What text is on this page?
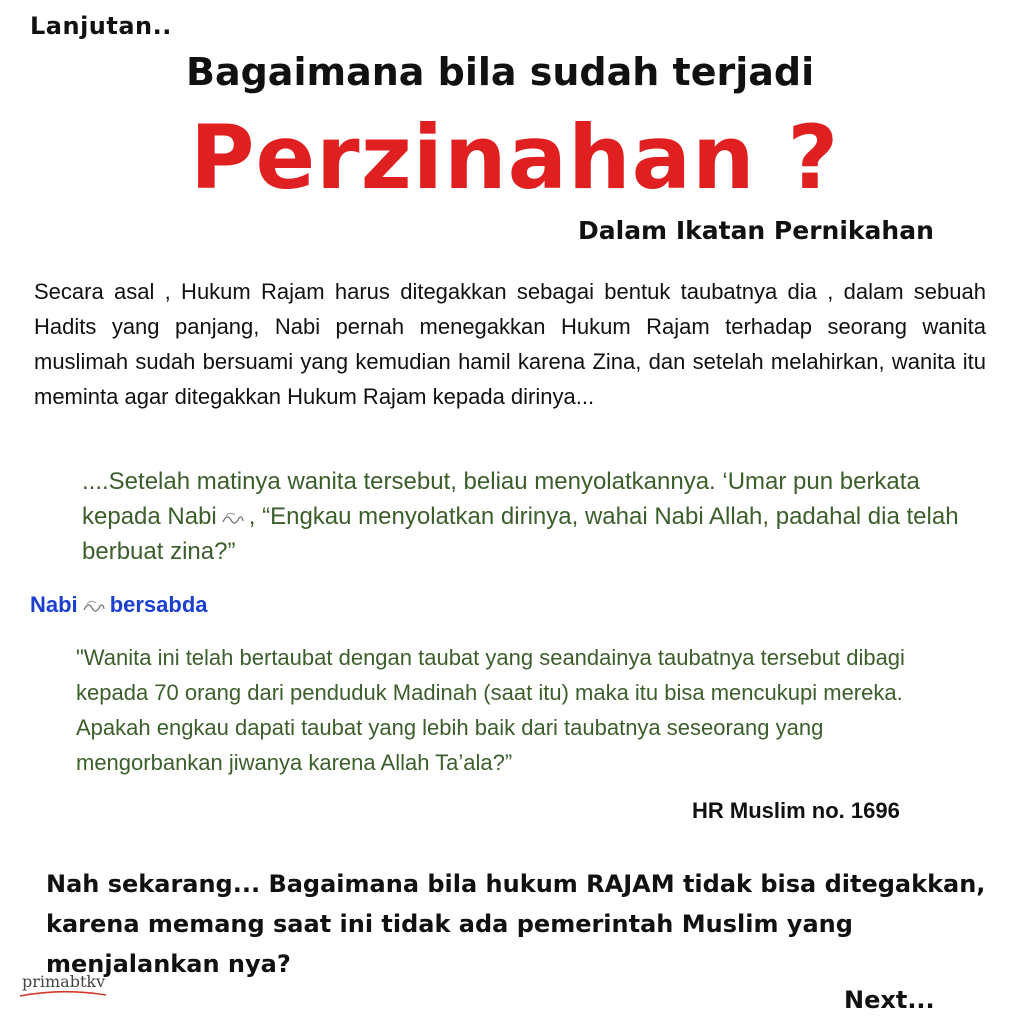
Lanjutan..
Bagaimana bila sudah terjadi
Perzinahan ?
Dalam Ikatan Pernikahan
Secara asal , Hukum Rajam harus ditegakkan sebagai bentuk taubatnya dia , dalam sebuah Hadits yang panjang, Nabi pernah menegakkan Hukum Rajam terhadap seorang wanita muslimah sudah bersuami yang kemudian hamil karena Zina, dan setelah melahirkan, wanita itu meminta agar ditegakkan Hukum Rajam kepada dirinya...
....Setelah matinya wanita tersebut, beliau menyolatkannya. ‘Umar pun berkata kepada Nabi , “Engkau menyolatkan dirinya, wahai Nabi Allah, padahal dia telah berbuat zina?”
Nabi bersabda
"Wanita ini telah bertaubat dengan taubat yang seandainya taubatnya tersebut dibagi kepada 70 orang dari penduduk Madinah (saat itu) maka itu bisa mencukupi mereka. Apakah engkau dapati taubat yang lebih baik dari taubatnya seseorang yang mengorbankan jiwanya karena Allah Ta’ala?”
HR Muslim no. 1696
Nah sekarang... Bagaimana bila hukum RAJAM tidak bisa ditegakkan, karena memang saat ini tidak ada pemerintah Muslim yang menjalankan nya?
primabtkv
Next...
